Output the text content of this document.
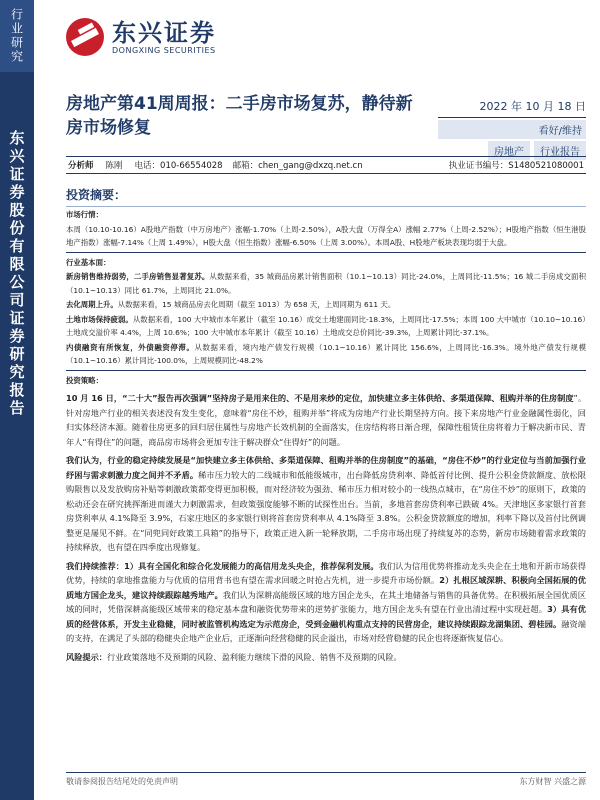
行业研究
东兴证券股份有限公司证券研究报告
东兴证券
DONGXING SECURITIES
房地产第41周周报：二手房市场复苏，静待新房市场修复
2022 年 10 月 18 日
看好/维持
房地产	行业报告
分析师 陈刚 电话：010-66554028 邮箱：chen_gang@dxzq.net.cn	执业证书编号：S1480521080001
投资摘要：

市场行情：

本周（10.10-10.16）A股地产指数（中万房地产）涨幅-1.70%（上周-2.50%），A股大盘（万得全A）涨幅 2.77%（上周-2.52%）；H股地产指数（恒生港股地产指数）涨幅-7.14%（上周 1.49%），H股大盘（恒生指数）涨幅-6.50%（上周 3.00%）。本周A股、H股地产板块表现均弱于大盘。

行业基本面：

新房销售维持弱势，二手房销售显著复苏。从数据来看，35 城商品房累计销售面积（10.1~10.13）同比-24.0%，上周同比-11.5%；16 城二手房成交面积（10.1~10.13）同比 61.7%，上周同比 21.0%。

去化周期上升。从数据来看，15 城商品房去化周期（截至 1013）为 658 天，上周同期为 611 天。

土地市场保持疲弱。从数据来看，100 大中城市本年累计（截至 10.16）成交土地建面同比-18.3%，上周同比-17.5%；本周 100 大中城市（10.10~10.16）土地成交溢价率 4.4%，上周 10.6%；100 大中城市本年累计（截至 10.16）土地成交总价同比-39.3%，上周累计同比-37.1%。

内债融资有所恢复，外债融资停滞。从数据来看，境内地产债发行规模（10.1~10.16）累计同比 156.6%，上周同比-16.3%。境外地产债发行规模（10.1~10.16）累计同比-100.0%，上周规模同比-48.2%

投资策略：

10 月 16 日，“二十大”报告再次强调”坚持房子是用来住的、不是用来炒的定位，加快建立多主体供给、多渠道保障、租购并举的住房制度”。针对房地产行业的相关表述没有发生变化，意味着“房住不炒，租购并举”将成为房地产行业长期坚持方向。接下来房地产行业金融属性弱化，回归实体经济本源。随着住房更多的回归居住属性与房地产长效机制的全面落实，住房结构将日渐合理，保障性租赁住房将着力于解决新市民、青年人“有得住”的问题，商品房市场将会更加专注于解决群众“住得好”的问题。

我们认为，行业的稳定持续发展是“加快建立多主体供给、多渠道保障、租购并举的住房制度”的基础，“房住不炒”的行业定位与当前加强行业纾困与需求刺激力度之间并不矛盾。稀市压力较大的二线城市和低能级城市，出台降低房贷利率、降低首付比例、提升公积金贷款额度、放松限购限售以及发放购房补贴等刺激政策都变得更加积极，而对经济较为强劲、稀市压力相对较小的一线热点城市，在“房住不炒”的原则下，政策的松动还会在研究挑挥渐进而谨大力刺激需求，但政策强度能够不断的试探性出台。当前，多地首套房贷利率已跌破 4%。天津地区多家银行首套房贷利率从 4.1%降至 3.9%，石家庄地区的多家银行则将首套房贷利率从 4.1%降至 3.8%。公积金贷款额度的增加，利率下降以及首付比例调整更是屡见不鲜。在“同兜同好政策工具箱”的指导下，政策正进入新一轮释放期，二手房市场出现了持续复苏的态势，新房市场随着需求政策的持续释放，也有望在四季度出现修复。

我们持续推荐：1）具有全国化和综合化发展能力的高信用龙头央企，推荐保利发展。我们认为信用优势将推动龙头央企在土地和开新市场获得优势，持续的拿地推盘能力与优质的信用背书也有望在需求回暖之时抢占先机，进一步提升市场份额。2）扎根区域深耕、积极向全国拓展的优质地方国企龙头，建议持续跟踪越秀地产。我们认为深耕高能级区域的地方国企龙头，在其土地储备与销售的具备优势。在积极拓展全国优质区域的同时，凭借深耕高能级区域带来的稳定基本盘和融资优势带来的逆势扩张能力，地方国企龙头有望在行业出清过程中实现赶超。3）具有优质的经营体系，开发主业稳健，同时被监管机构选定为示范房企，受到金融机构重点支持的民营房企，建议持续跟踪龙湖集团、碧桂园。融资端的支持，在满足了头部的稳健央企地产企业后，正逐渐向经营稳健的民企溢出，市场对经营稳健的民企也将逐渐恢复信心。

风险提示：行业政策落地不及预期的风险、盈利能力继续下滑的风险、销售不及预期的风险。

敬请参阅报告结尾处的免责声明	东方财智 兴盛之源
